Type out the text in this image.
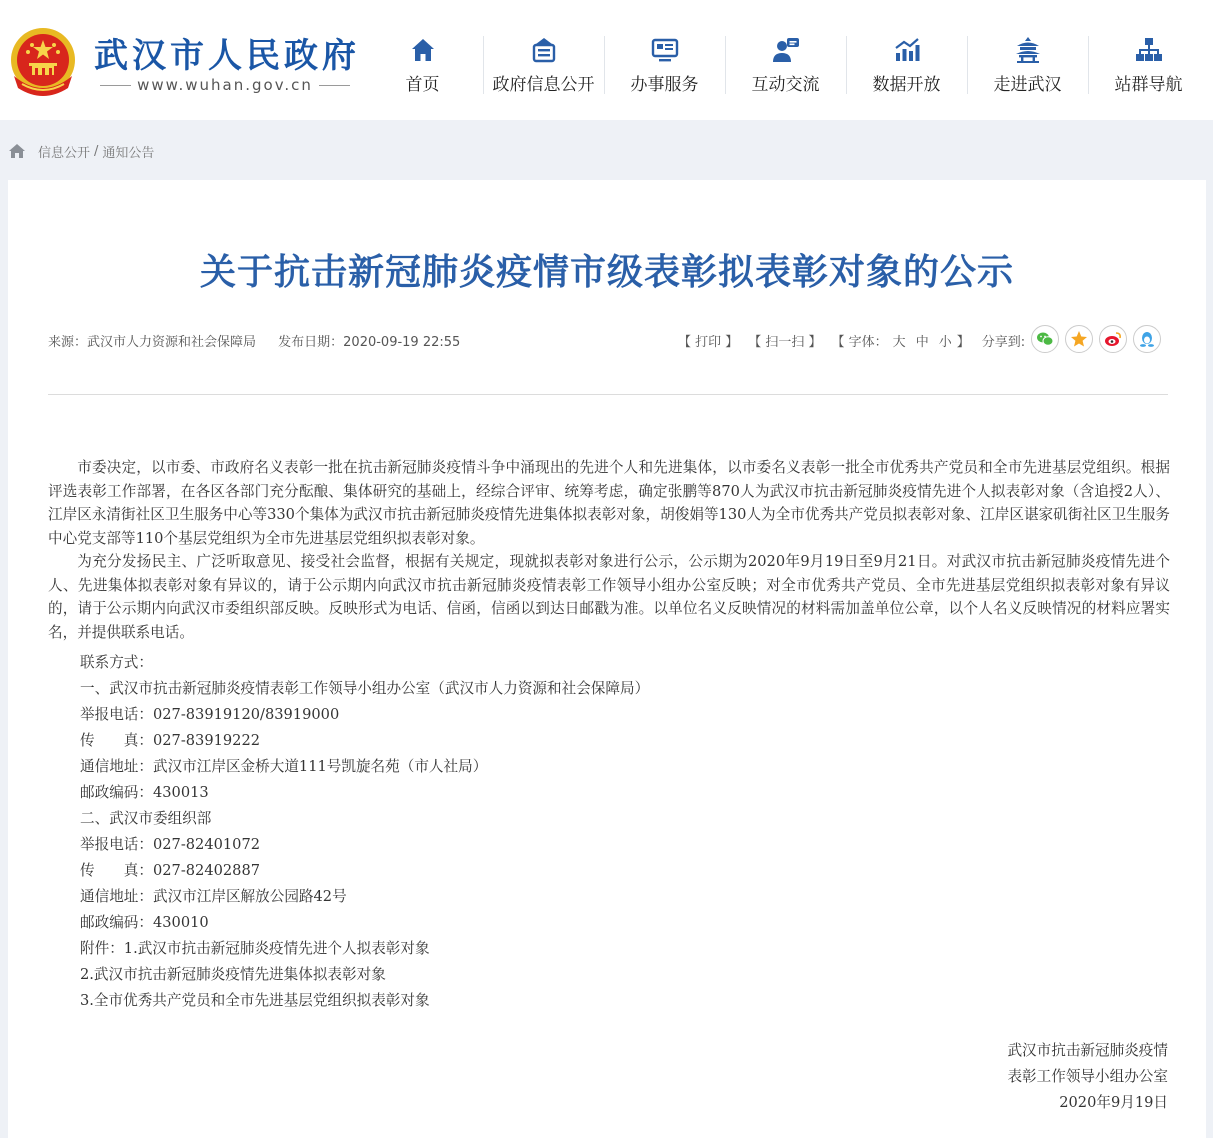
武汉市人民政府
www.wuhan.gov.cn	首页	政府信息公开 办事服务	互动交流	数据开放	走进武汉	站群导航
信息公开 / 通知公告
关于抗击新冠肺炎疫情市级表彰拟表彰对象的公示
来源：武汉市人力资源和社会保障局 发布日期：2020-09-19 22:55	【 打印 】 【 扫一扫 】 【 字体： 大 中 小 】 分享到:

市委决定，以市委、市政府名义表彰一批在抗击新冠肺炎疫情斗争中涌现出的先进个人和先进集体，以市委名义表彰一批全市优秀共产党员和全市先进基层党组织。根据评选表彰工作部署，在各区各部门充分酝酿、集体研究的基础上，经综合评审、统筹考虑，确定张鹏等870人为武汉市抗击新冠肺炎疫情先进个人拟表彰对象（含追授2人）、江岸区永清街社区卫生服务中心等330个集体为武汉市抗击新冠肺炎疫情先进集体拟表彰对象，胡俊娟等130人为全市优秀共产党员拟表彰对象、江岸区谌家矶街社区卫生服务中心党支部等110个基层党组织为全市先进基层党组织拟表彰对象。

为充分发扬民主、广泛听取意见、接受社会监督，根据有关规定，现就拟表彰对象进行公示，公示期为2020年9月19日至9月21日。对武汉市抗击新冠肺炎疫情先进个人、先进集体拟表彰对象有异议的，请于公示期内向武汉市抗击新冠肺炎疫情表彰工作领导小组办公室反映；对全市优秀共产党员、全市先进基层党组织拟表彰对象有异议的，请于公示期内向武汉市委组织部反映。反映形式为电话、信函，信函以到达日邮戳为准。以单位名义反映情况的材料需加盖单位公章，以个人名义反映情况的材料应署实名，并提供联系电话。

联系方式：
一、武汉市抗击新冠肺炎疫情表彰工作领导小组办公室（武汉市人力资源和社会保障局）
举报电话：027-83919120/83919000
传　　真：027-83919222
通信地址：武汉市江岸区金桥大道111号凯旋名苑（市人社局）
邮政编码：430013
二、武汉市委组织部
举报电话：027-82401072
传　　真：027-82402887
通信地址：武汉市江岸区解放公园路42号
邮政编码：430010
附件：1.武汉市抗击新冠肺炎疫情先进个人拟表彰对象
2.武汉市抗击新冠肺炎疫情先进集体拟表彰对象
3.全市优秀共产党员和全市先进基层党组织拟表彰对象
武汉市抗击新冠肺炎疫情
表彰工作领导小组办公室
2020年9月19日
